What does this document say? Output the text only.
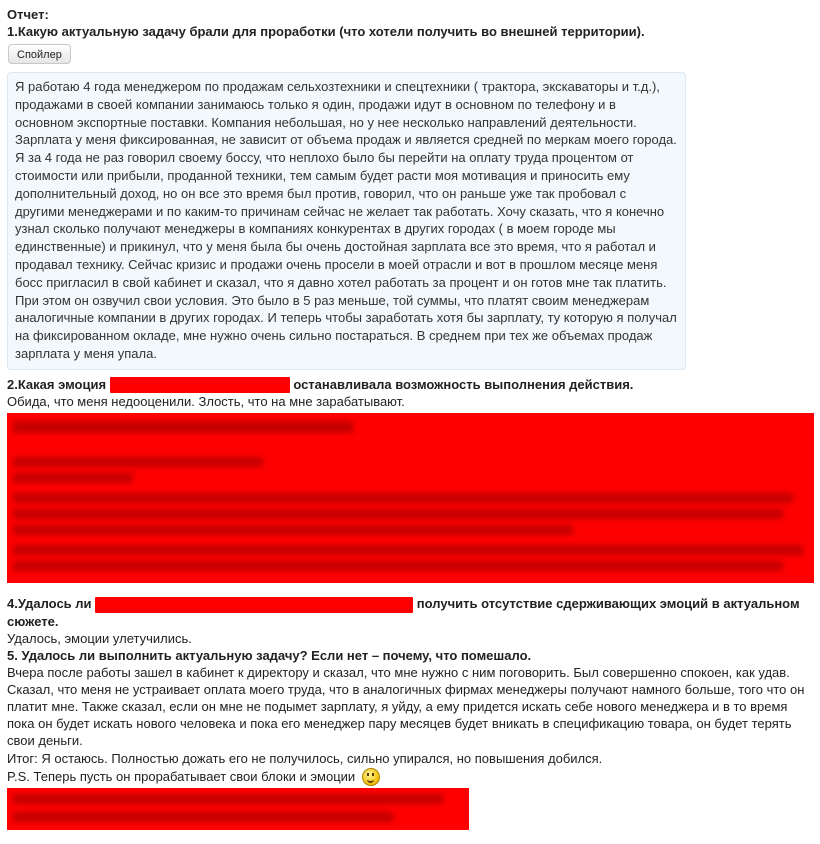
Отчет:
1.Какую актуальную задачу брали для проработки (что хотели получить во внешней территории).
Спойлер
Я работаю 4 года менеджером по продажам сельхозтехники и спецтехники ( трактора, экскаваторы и т.д.), продажами в своей компании занимаюсь только я один, продажи идут в основном по телефону и в основном экспортные поставки. Компания небольшая, но у нее несколько направлений деятельности. Зарплата у меня фиксированная, не зависит от объема продаж и является средней по меркам моего города. Я за 4 года не раз говорил своему боссу, что неплохо было бы перейти на оплату труда процентом от стоимости или прибыли, проданной техники, тем самым будет расти моя мотивация и приносить ему дополнительный доход, но он все это время был против, говорил, что он раньше уже так пробовал с другими менеджерами и по каким-то причинам сейчас не желает так работать. Хочу сказать, что я конечно узнал сколько получают менеджеры в компаниях конкурентах в других городах ( в моем городе мы единственные) и прикинул, что у меня была бы очень достойная зарплата все это время, что я работал и продавал технику. Сейчас кризис и продажи очень просели в моей отрасли и вот в прошлом месяце меня босс пригласил в свой кабинет и сказал, что я давно хотел работать за процент и он готов мне так платить. При этом он озвучил свои условия. Это было в 5 раз меньше, той суммы, что платят своим менеджерам аналогичные компании в других городах. И теперь чтобы заработать хотя бы зарплату, ту которую я получал на фиксированном окладе, мне нужно очень сильно постараться. В среднем при тех же объемах продаж зарплата у меня упала.
2.Какая эмоция	останавливала возможность выполнения действия.
Обида, что меня недооценили. Злость, что на мне зарабатывают.
4.Удалось ли	получить отсутствие сдерживающих эмоций в актуальном сюжете.
Удалось, эмоции улетучились.
5. Удалось ли выполнить актуальную задачу? Если нет – почему, что помешало.
Вчера после работы зашел в кабинет к директору и сказал, что мне нужно с ним поговорить. Был совершенно спокоен, как удав. Сказал, что меня не устраивает оплата моего труда, что в аналогичных фирмах менеджеры получают намного больше, того что он платит мне. Также сказал, если он мне не подымет зарплату, я уйду, а ему придется искать себе нового менеджера и в то время пока он будет искать нового человека и пока его менеджер пару месяцев будет вникать в спецификацию товара, он будет терять свои деньги.
Итог: Я остаюсь. Полностью дожать его не получилось, сильно упирался, но повышения добился.
P.S. Теперь пусть он прорабатывает свои блоки и эмоции
